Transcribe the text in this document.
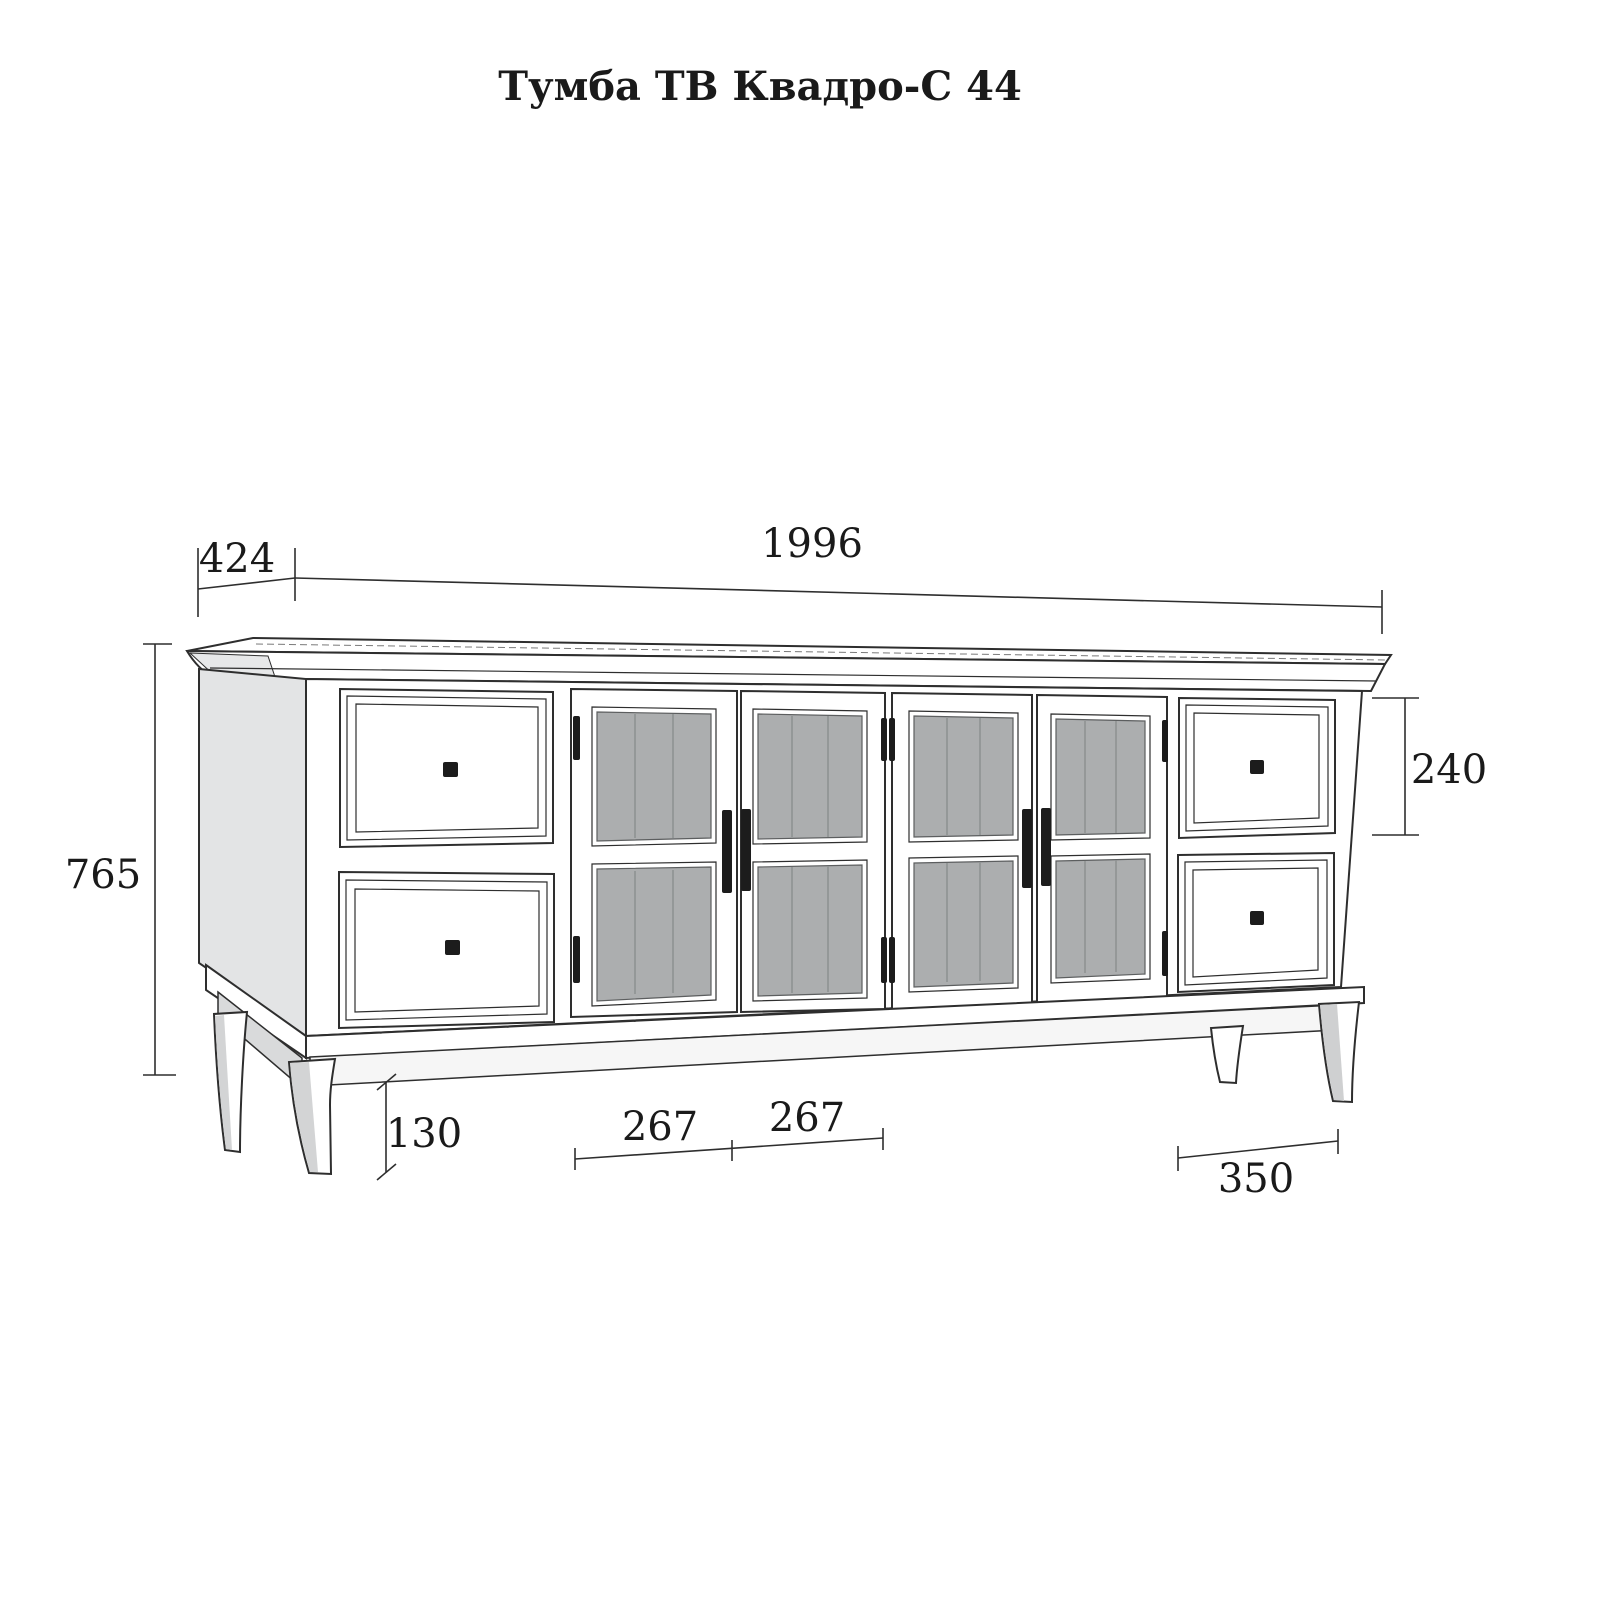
Тумба ТВ Квадро-С 44
424	1996
765
240
130	267 267
350
